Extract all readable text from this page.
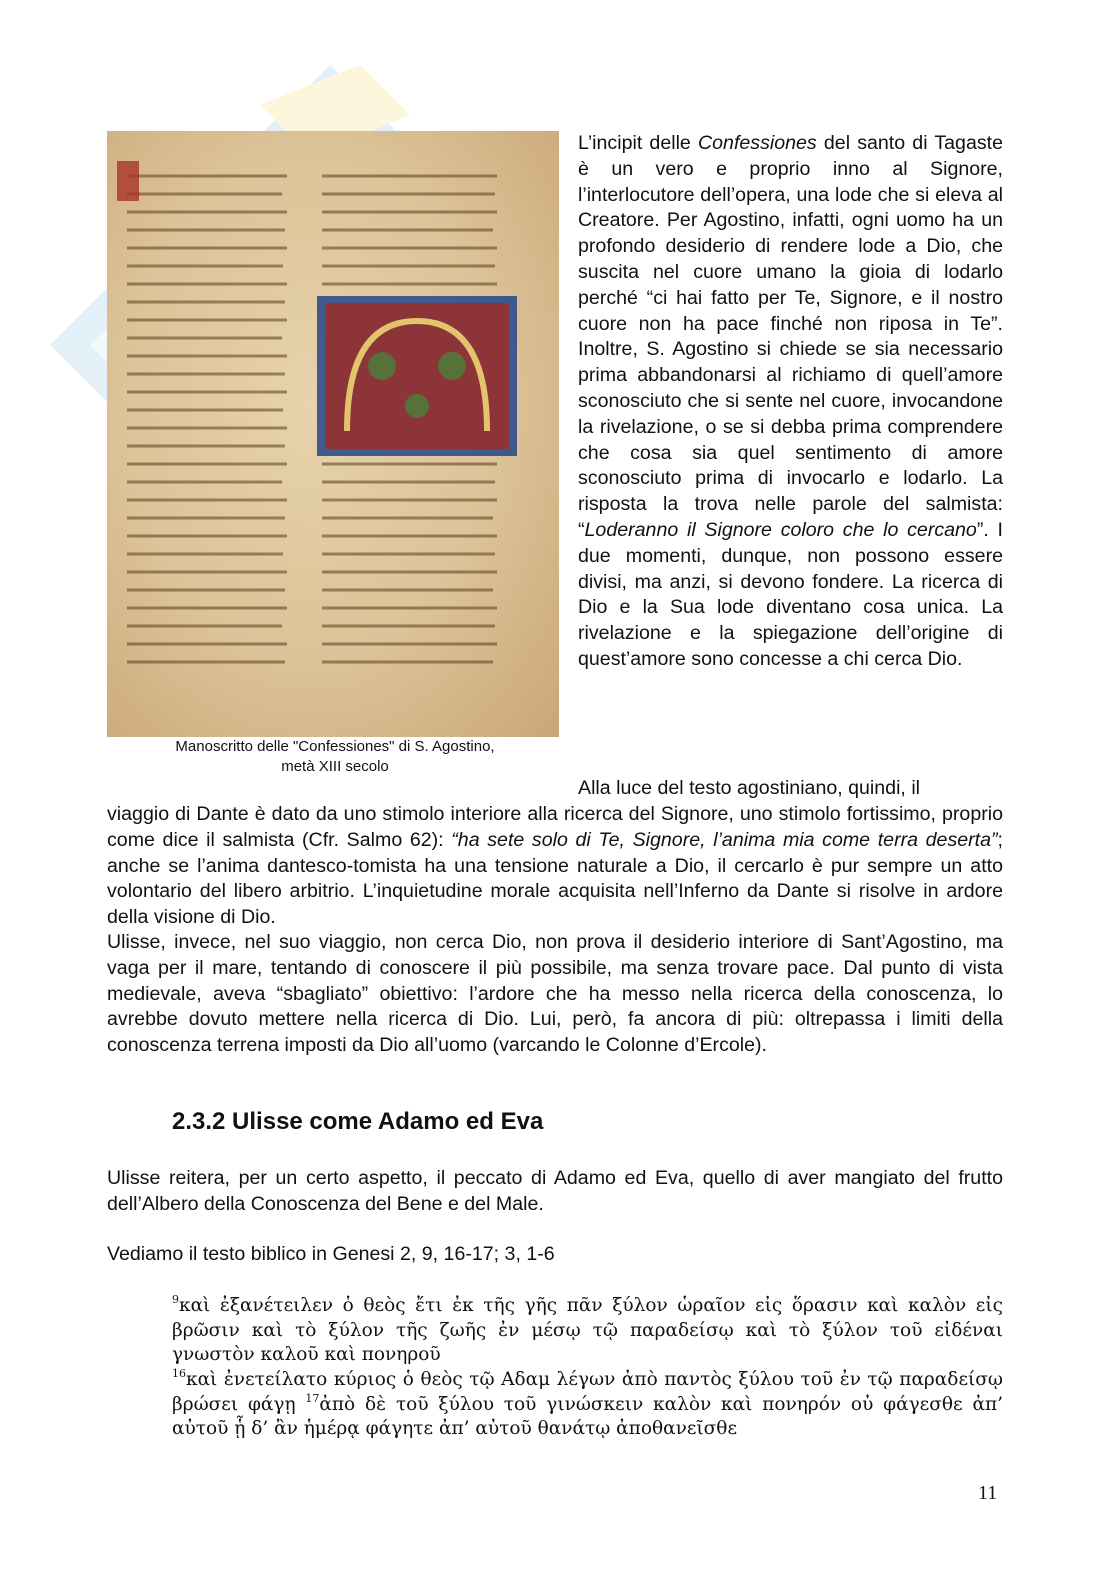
Manoscritto delle "Confessiones" di S. Agostino,
metà XIII secolo
L’incipit delle Confessiones del santo di Tagaste è un vero e proprio inno al Signore, l’interlocutore dell’opera, una lode che si eleva al Creatore. Per Agostino, infatti, ogni uomo ha un profondo desiderio di rendere lode a Dio, che suscita nel cuore umano la gioia di lodarlo perché “ci hai fatto per Te, Signore, e il nostro cuore non ha pace finché non riposa in Te”. Inoltre, S. Agostino si chiede se sia necessario prima abbandonarsi al richiamo di quell’amore sconosciuto che si sente nel cuore, invocandone la rivelazione, o se si debba prima comprendere che cosa sia quel sentimento di amore sconosciuto prima di invocarlo e lodarlo. La risposta la trova nelle parole del salmista: “Loderanno il Signore coloro che lo cercano”. I due momenti, dunque, non possono essere divisi, ma anzi, si devono fondere. La ricerca di Dio e la Sua lode diventano cosa unica. La rivelazione e la spiegazione dell’origine di quest’amore sono concesse a chi cerca Dio.
Alla luce del testo agostiniano, quindi, il
viaggio di Dante è dato da uno stimolo interiore alla ricerca del Signore, uno stimolo fortissimo, proprio come dice il salmista (Cfr. Salmo 62): “ha sete solo di Te, Signore, l’anima mia come terra deserta”; anche se l’anima dantesco-tomista ha una tensione naturale a Dio, il cercarlo è pur sempre un atto volontario del libero arbitrio. L’inquietudine morale acquisita nell’Inferno da Dante si risolve in ardore della visione di Dio.
Ulisse, invece, nel suo viaggio, non cerca Dio, non prova il desiderio interiore di Sant’Agostino, ma vaga per il mare, tentando di conoscere il più possibile, ma senza trovare pace. Dal punto di vista medievale, aveva “sbagliato” obiettivo: l’ardore che ha messo nella ricerca della conoscenza, lo avrebbe dovuto mettere nella ricerca di Dio. Lui, però, fa ancora di più: oltrepassa i limiti della conoscenza terrena imposti da Dio all’uomo (varcando le Colonne d’Ercole).
2.3.2 Ulisse come Adamo ed Eva
Ulisse reitera, per un certo aspetto, il peccato di Adamo ed Eva, quello di aver mangiato del frutto dell’Albero della Conoscenza del Bene e del Male.
Vediamo il testo biblico in Genesi 2, 9, 16-17; 3, 1-6
$^9$καὶ ἐξανέτειλεν ὁ θεὸς ἔτι ἐκ τῆς γῆς πᾶν ξύλον ὡραῖον εἰς ὅρασιν καὶ καλὸν εἰς βρῶσιν καὶ τὸ ξύλον τῆς ζωῆς ἐν μέσῳ τῷ παραδείσῳ καὶ τὸ ξύλον τοῦ εἰδέναι γνωστὸν καλοῦ καὶ πονηροῦ
$^{16}$καὶ ἐνετείλατο κύριος ὁ θεὸς τῷ Αδαμ λέγων ἀπὸ παντὸς ξύλου τοῦ ἐν τῷ παραδείσῳ βρώσει φάγῃ $^{17}$ἀπὸ δὲ τοῦ ξύλου τοῦ γινώσκειν καλὸν καὶ πονηρόν οὐ φάγεσθε ἀπ’ αὐτοῦ ᾗ δ’ ἂν ἡμέρᾳ φάγητε ἀπ’ αὐτοῦ θανάτῳ ἀποθανεῖσθε
11
